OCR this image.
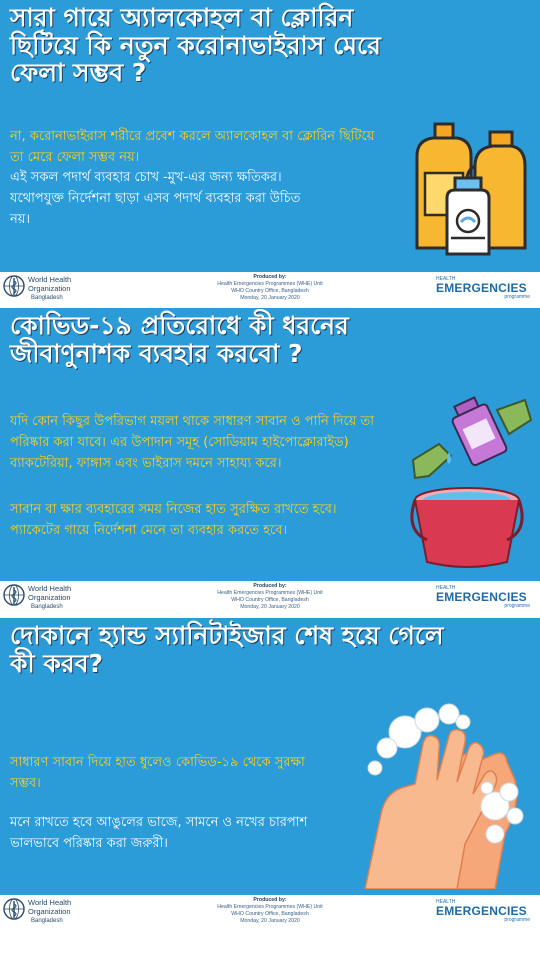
সারা গায়ে অ্যালকোহল বা ক্লোরিন ছিটিয়ে কি নতুন করোনাভাইরাস মেরে ফেলা সম্ভব ?

না, করোনাভাইরাস শরীরে প্রবেশ করলে অ্যালকোহল বা ক্লোরিন ছিটিয়ে তা মেরে ফেলা সম্ভব নয়।

এই সকল পদার্থ ব্যবহার চোখ -মুখ-এর জন্য ক্ষতিকর। যথোপযুক্ত নির্দেশনা ছাড়া এসব পদার্থ ব্যবহার করা উচিত নয়।

World Health Organization
Bangladesh
Produced by:
Health Emergencies Programmes (WHE) Unit
WHO Country Office, Bangladesh
Monday, 20 January 2020
HEALTH
EMERGENCIES
programme
কোভিড-১৯ প্রতিরোধে কী ধরনের জীবাণুনাশক ব্যবহার করবো ?

যদি কোন কিছুর উপরিভাগ ময়লা থাকে সাধারণ সাবান ও পানি দিয়ে তা পরিষ্কার করা যাবে। এর উপাদান সমূহ (সোডিয়াম হাইপোক্লোরাইড) ব্যাকটেরিয়া, ফাঙ্গাস এবং ভাইরাস দমনে সাহায্য করে।

সাবান বা ক্ষার ব্যবহারের সময় নিজের হাত সুরক্ষিত রাখতে হবে। প্যাকেটের গায়ে নির্দেশনা মেনে তা ব্যবহার করতে হবে।

World Health Organization
Bangladesh
Produced by:
Health Emergencies Programmes (WHE) Unit
WHO Country Office, Bangladesh
Monday, 20 January 2020
HEALTH
EMERGENCIES
programme
দোকানে হ্যান্ড স্যানিটাইজার শেষ হয়ে গেলে কী করব?

সাধারণ সাবান দিয়ে হাত ধুলেও কোভিড-১৯ থেকে সুরক্ষা সম্ভব।

মনে রাখতে হবে আঙুলের ভাজে, সামনে ও নখের চারপাশ ভালভাবে পরিষ্কার করা জরুরী।

World Health Organization
Bangladesh
Produced by:
Health Emergencies Programmes (WHE) Unit
WHO Country Office, Bangladesh
Monday, 20 January 2020
HEALTH
EMERGENCIES
programme
